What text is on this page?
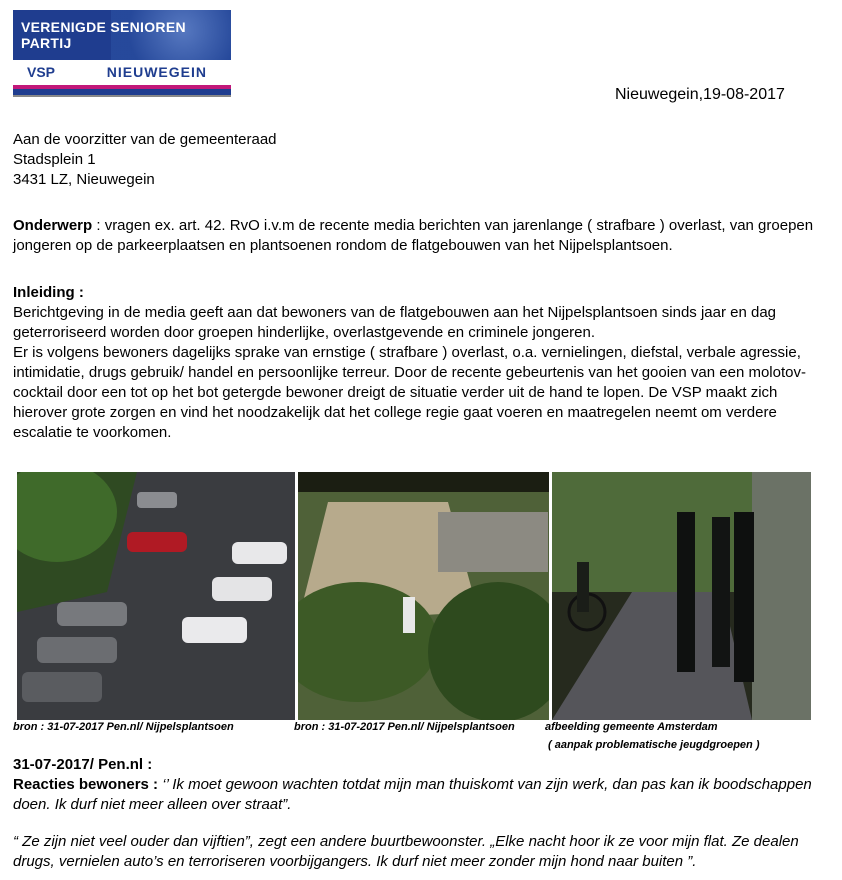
VERENIGDE SENIOREN PARTIJ
VSP	NIEUWEGEIN
Nieuwegein,19-08-2017
Aan de voorzitter van de gemeenteraad
Stadsplein 1
3431 LZ, Nieuwegein
Onderwerp : vragen ex. art. 42. RvO i.v.m de recente media berichten van jarenlange ( strafbare ) overlast, van groepen jongeren op de parkeerplaatsen en plantsoenen rondom de flatgebouwen van het Nijpelsplantsoen.
Inleiding :
Berichtgeving in de media geeft aan dat bewoners van de flatgebouwen aan het Nijpelsplantsoen sinds jaar en dag geterroriseerd worden door groepen hinderlijke, overlastgevende en criminele jongeren.
Er is volgens bewoners dagelijks sprake van ernstige ( strafbare ) overlast, o.a. vernielingen, diefstal, verbale agressie, intimidatie, drugs gebruik/ handel en persoonlijke terreur. Door de recente gebeurtenis van het gooien van een molotov-cocktail door een tot op het bot getergde bewoner dreigt de situatie verder uit de hand te lopen. De VSP maakt zich hierover grote zorgen en vind het noodzakelijk dat het college regie gaat voeren en maatregelen neemt om verdere escalatie te voorkomen.
bron : 31-07-2017 Pen.nl/ Nijpelsplantsoen	bron : 31-07-2017 Pen.nl/ Nijpelsplantsoen	afbeelding gemeente Amsterdam
( aanpak problematische jeugdgroepen )
31-07-2017/ Pen.nl :
Reacties bewoners : ‘’ Ik moet gewoon wachten totdat mijn man thuiskomt van zijn werk, dan pas kan ik boodschappen doen. Ik durf niet meer alleen over straat”.
“ Ze zijn niet veel ouder dan vijftien”, zegt een andere buurtbewoonster. „Elke nacht hoor ik ze voor mijn flat. Ze dealen drugs, vernielen auto’s en terroriseren voorbijgangers. Ik durf niet meer zonder mijn hond naar buiten ”.
